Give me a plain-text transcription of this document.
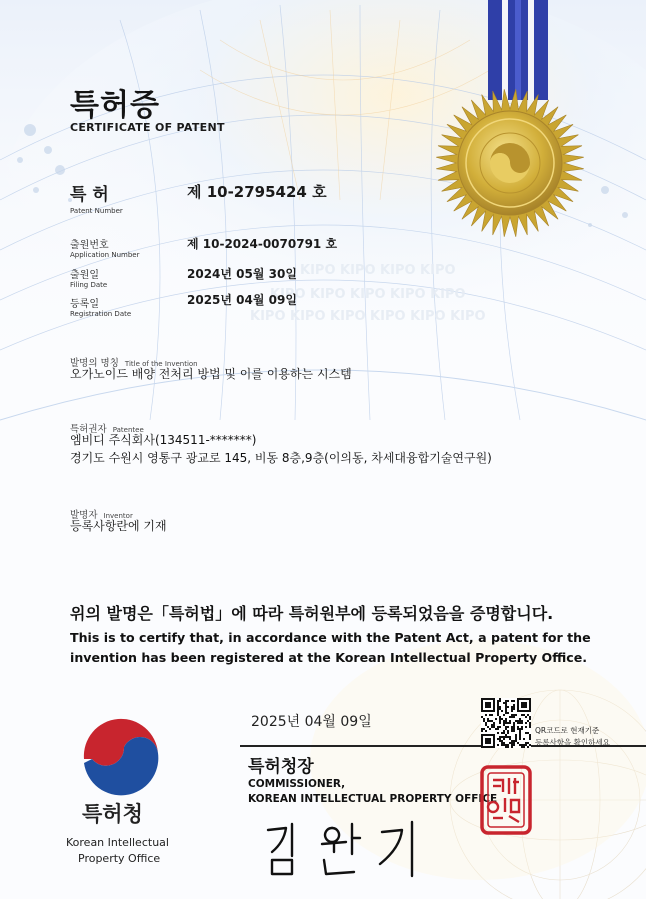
KIPO KIPO KIPO KIPO
KIPO KIPO KIPO KIPO KIPO
KIPO KIPO KIPO KIPO KIPO KIPO
특허증
CERTIFICATE OF PATENT
특 허
Patent Number
제 10-2795424 호
출원번호
Application Number
제 10-2024-0070791 호
출원일
Filing Date
2024년 05월 30일
등록일
Registration Date
2025년 04월 09일
발명의 명칭 Title of the Invention
오가노이드 배양 전처리 방법 및 이를 이용하는 시스템
특허권자 Patentee
엠비디 주식회사(134511-*******)
경기도 수원시 영통구 광교로 145, 비동 8층,9층(이의동, 차세대융합기술연구원)
발명자 Inventor
등록사항란에 기재
위의 발명은「특허법」에 따라 특허원부에 등록되었음을 증명합니다.
This is to certify that, in accordance with the Patent Act, a patent for the
invention has been registered at the Korean Intellectual Property Office.
특허청
Korean Intellectual
Property Office
2025년 04월 09일
특허청장
COMMISSIONER,
KOREAN INTELLECTUAL PROPERTY OFFICE
QR코드로 현재기준
등록사항을 확인하세요
